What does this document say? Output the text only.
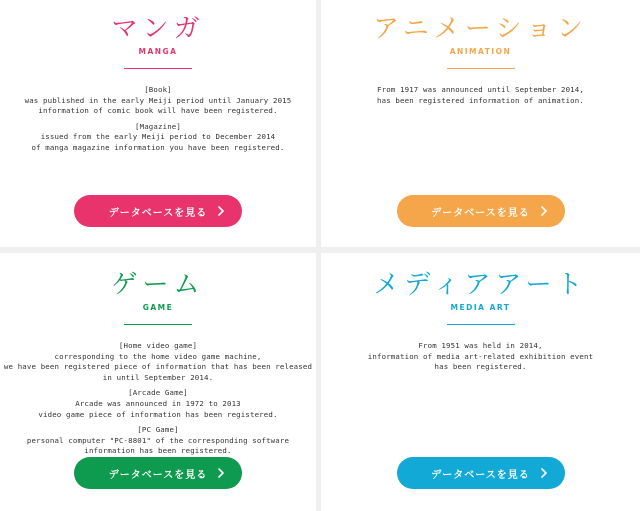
マンガ
MANGA
[Book]
was published in the early Meiji period until January 2015
information of comic book will have been registered.
[Magazine]
issued from the early Meiji period to December 2014
of manga magazine information you have been registered.
データベースを見る
アニメーション
ANIMATION
From 1917 was announced until September 2014,
has been registered information of animation.
データベースを見る
ゲーム
GAME
[Home video game]
corresponding to the home video game machine,
we have been registered piece of information that has been released
in until September 2014.
[Arcade Game]
Arcade was announced in 1972 to 2013
video game piece of information has been registered.
[PC Game]
personal computer "PC-8801" of the corresponding software
information has been registered.
データベースを見る
メディアアート
MEDIA ART
From 1951 was held in 2014,
information of media art-related exhibition event
has been registered.
データベースを見る
